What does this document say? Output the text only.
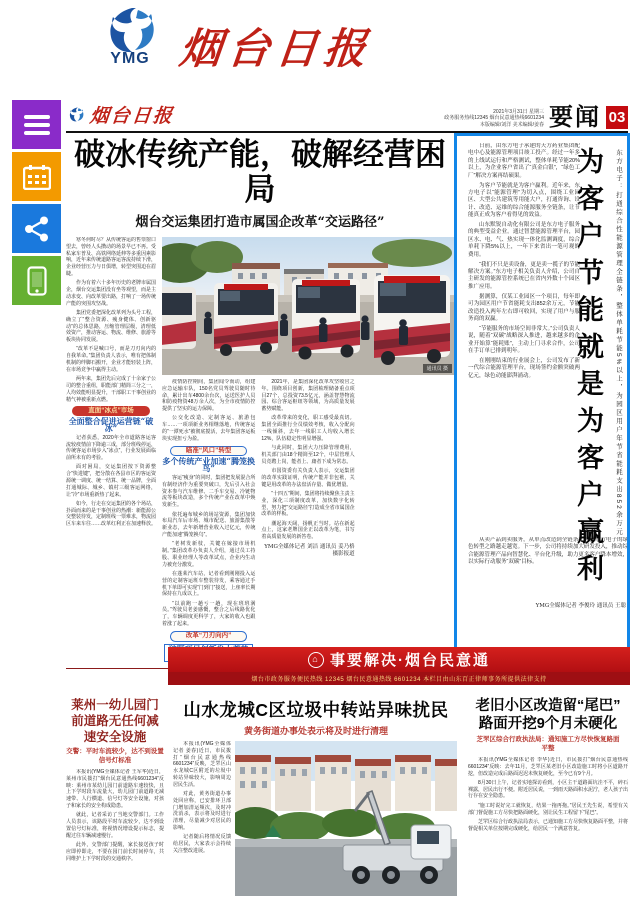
YMG 烟台日报
烟台日报	2021年3月31日 星期三
政务服务热线12345 烟台民意通热线6601234
本版编辑/刘洋 美术编辑/姜春 要闻 03
破冰传统产能，破解经营困局
烟台交运集团打造市属国企改革“交运路径”

寒冬何时尽？从传统客运的售票窗口望去，曾经人头攒动的场景早已不再。受私家车普及、高铁网络延伸等多重因素影响，近年来传统道路客运客流持续下滑，企业经营压力与日俱增，转型突围迫在眉睫。

作为有着六十多年历史的老牌市属国企，烟台交运集团没有坐等观望，而是主动求变、向改革要出路，打响了一场传统产能的突围攻坚战。

集团党委把深化改革列为头号工程，确立了“整合资源、瘦身健体、创新驱动”的总体思路，压缩管理层级，清理低效资产，推动客运、物流、维修、旅游等板块协同发展。

“改革不是喊口号，而是刀刃向内的自我革命。”集团负责人表示，唯有把体制机制的绊脚石搬开，企业才能轻装上阵，在市场竞争中赢得主动。

两年来，集团先后完成了十余家子公司的整合重组，职能部门精简三分之一，人均效能明显提升，干部职工干事创业的精气神被重新点燃。

直面“冰点”市场
全面整合促进运营链“破冰”

记者获悉，2020年全市道路客运客流较疫情前下降逾三成，部分班线停运，传统客运市场步入“冰点”，行业发展面临前所未有的考验。

面对困局，交运集团按下资源整合“快进键”，把分散在各县市区的客运资源统一调度、统一结算、统一品牌，全面打通城际、城乡、镇村三级客运网络，让“冷”市场重新热了起来。

如今，行走在交运集团的各个场站，扑面而来的是干事创业的热潮：新能源公交整装待发，定制班线一票难求，物流园区车来车往……改革红利正在加速释放。

通讯员 摄

疫情防控期间，集团闻令而动，组建应急运输车队，150名党员驾驶员随时待命，累计出车4800余台次，运送医护人员和防疫物资48万余人次，为全市疫情防控提供了坚实的运力保障。

公交化改造、定制客运、旅游包车……一项项新业务相继落地，传统客运的“一潭死水”被彻底搅活，去年集团客运板块实现扭亏为盈。

瞄准“风口”转型
多个传统产业加速“腾笼换鸟”

客运“瘦身”的同时，集团把发展混合所有制经济作为重要突破口，先后引入社会资本参与汽车维修、二手车交易、冷链物流等板块改造，多个传统产业在改革中焕发新生。

依托遍布城乡的场站资源，集团加快布局汽车后市场、城市配送、旅游集散等新业态，去年新增营业收入过亿元，传统产能加速“腾笼换鸟”。

“老树发新枝，关键在嫁接市场机制。”集团改革办负责人介绍，通过员工持股、职业经理人等改革试点，企业内生动力被充分激发。

在蓬莱汽车站，记者看到刚刚投入运营的定制客运班车整装待发，乘客通过手机下单即可实现“门到门”接送，上座率长期保持在九成以上。

“以前跑一趟亏一趟，现在班班满员。”驾驶员老姜感慨，整合之后线路优化了，车辆调度更科学了，大家的收入也跟着涨了起来。

改革“刀刃向内”

2021年，是集团深化改革攻坚收官之年。围绕项目创新，集团梳理储备重点项目27个，总投资73.5亿元，涵盖智慧物流园、综合客运枢纽等领域，为高质量发展蓄势赋能。

改革带来的变化，职工感受最真切。集团全面推行全员绩效考核，收入分配向一线倾斜，去年一线职工人均收入增长12%，队伍稳定性明显增强。

与此同时，集团大力压降管理费用，机关部门由18个精简至12个，中层管理人员竞聘上岗，能者上、庸者下成为常态。

市国资委有关负责人表示，交运集团的改革实践证明，传统产能并非包袱，关键是用改革的办法盘活存量、做优增量。

“十四五”期间，集团将持续聚焦主责主业，深化三项制度改革，加快数字化转型，努力把“交运路径”打造成全省市属国企改革的样板。

潮起海天阔，扬帆正当时。站在新起点上，这家老牌国企正以改革为笔，书写着高质量发展的新答卷。

YMG全媒体记者 刘洁 通讯员 姜乃格 摄影报道

日前，由东方电子承建的天方药业集团配电中心及能源管理项目竣工投产。经过一年多的上线试运行和严格测试，整体单耗节能20%以上，为企业客户省出了“真金白银”，“绿色工厂”解决方案再结硕果。

为客户节能就是为客户赢利。近年来，东方电子以“能源管理”为切入点，围绕工业园区、大型公共建筑等用能大户，打通咨询、设计、改造、运维的综合能源服务全链条，让节能真正成为客户看得见的效益。

山东默锐自动化有限公司是东方电子服务的典型受益企业。通过智慧能源管理平台，园区水、电、气、热实现一体化监测调度，综合单耗下降5%以上，一年下来省出一笔可观的费用。

“我们不只是卖设备，更是卖一揽子的节能解决方案。”东方电子相关负责人介绍，公司自主研发的能源管控系统已在省内外数十个园区推广应用。

据测算，仅某工业园区一个项目，每年即可为园区用户节省能耗支出852余万元，节能改造投入两年左右即可收回，实现了用户与服务商的双赢。

“节能服务的市场空间非常大。”公司负责人说，随着“双碳”战略深入推进，越来越多的企业开始算“能耗账”，主动上门寻求合作，公司在手订单已排到明年。

在刚刚结束的行业展会上，公司发布了新一代综合能源管理平台，现场签约金额突破两亿元，绿色动能澎湃涌动。

从卖产品到卖服务，从单点改造到全链条托管，东方电子的绿色转型之路越走越宽。下一步，公司将持续加大研发投入，推动综合能源管理产品向智慧化、平台化升级，助力更多客户降本增效，以实际行动服务“双碳”目标。

YMG全媒体记者 李俊玲 通讯员 王聪
为客户节能就是为客户赢利	东方电子：打通综合性能源管理全链条，整体单耗节能5%以上，为园区用户年节省能耗支出852余万元
⌂ 事要解决·烟台民意通
烟台市政务服务便民热线 12345 烟台民意通热线 6601234 本栏目由山东百正律师事务所提供法律支持
莱州一幼儿园门前道路无任何减速安全设施
交警：平时车流较少，达不到设置信号灯标准

本报讯(YMG全媒体记者 王军华)近日，莱州市民拨打“烟台民意通热线6601234”反映：莱州市某幼儿园门前道路车速较快，且上下学时段车流量大，幼儿园门前道路无减速带、人行横道、信号灯等安全设施，对孩子和家长的安全构成隐患。

就此，记者采访了当地交警部门。工作人员表示，该路段平时车流较少，达不到设置信号灯标准，将视情况增设提示标志，提醒过往车辆减速慢行。

此外，交警部门提醒，家长接送孩子时应即停即走，不要在园门前长时间停车，共同维护上下学时段的交通秩序。

山水龙城C区垃圾中转站异味扰民
黄务街道办事处表示将及时进行清理

本报讯(YMG全媒体记者 姜春)近日，市民拨打“烟台民意通热线6601234”反映，芝罘区山水龙城C区附近的垃圾中转站异味较大，影响周边居民生活。

对此，黄务街道办事处回应称，已安排环卫部门增加清运频次，及时冲洗消杀，表示将及时进行清理，尽量减少对居民的影响。

记者随后将情况反馈给居民，大家表示会持续关注整改进展。

老旧小区改造留“尾巴” 路面开挖9个月未硬化
芝罘区综合行政执法局：通知施工方尽快恢复路面平整

本报讯(YMG全媒体记者 李华)近日，市民拨打“烟台民意通热线6601234”反映：去年11月，芝罘区某老旧小区改造施工时将小区道路开挖，但改造完成后路面迟迟未恢复硬化，至今已有9个月。

8月30日上午，记者实地探访看到，小区主干道路面坑洼不平，碎石裸露，居民出行不便。附近居民说，一到雨天路面积水泥泞，老人孩子出行存在安全隐患。

“施工时说好完工就恢复，结果一拖再拖。”居民王先生说，希望有关部门督促施工方尽快把路面硬化，别让民生工程留下“尾巴”。

芝罘区综合行政执法局表示，已通知施工方尽快恢复路面平整，并将督促相关单位按期完成硬化，给居民一个满意答复。
